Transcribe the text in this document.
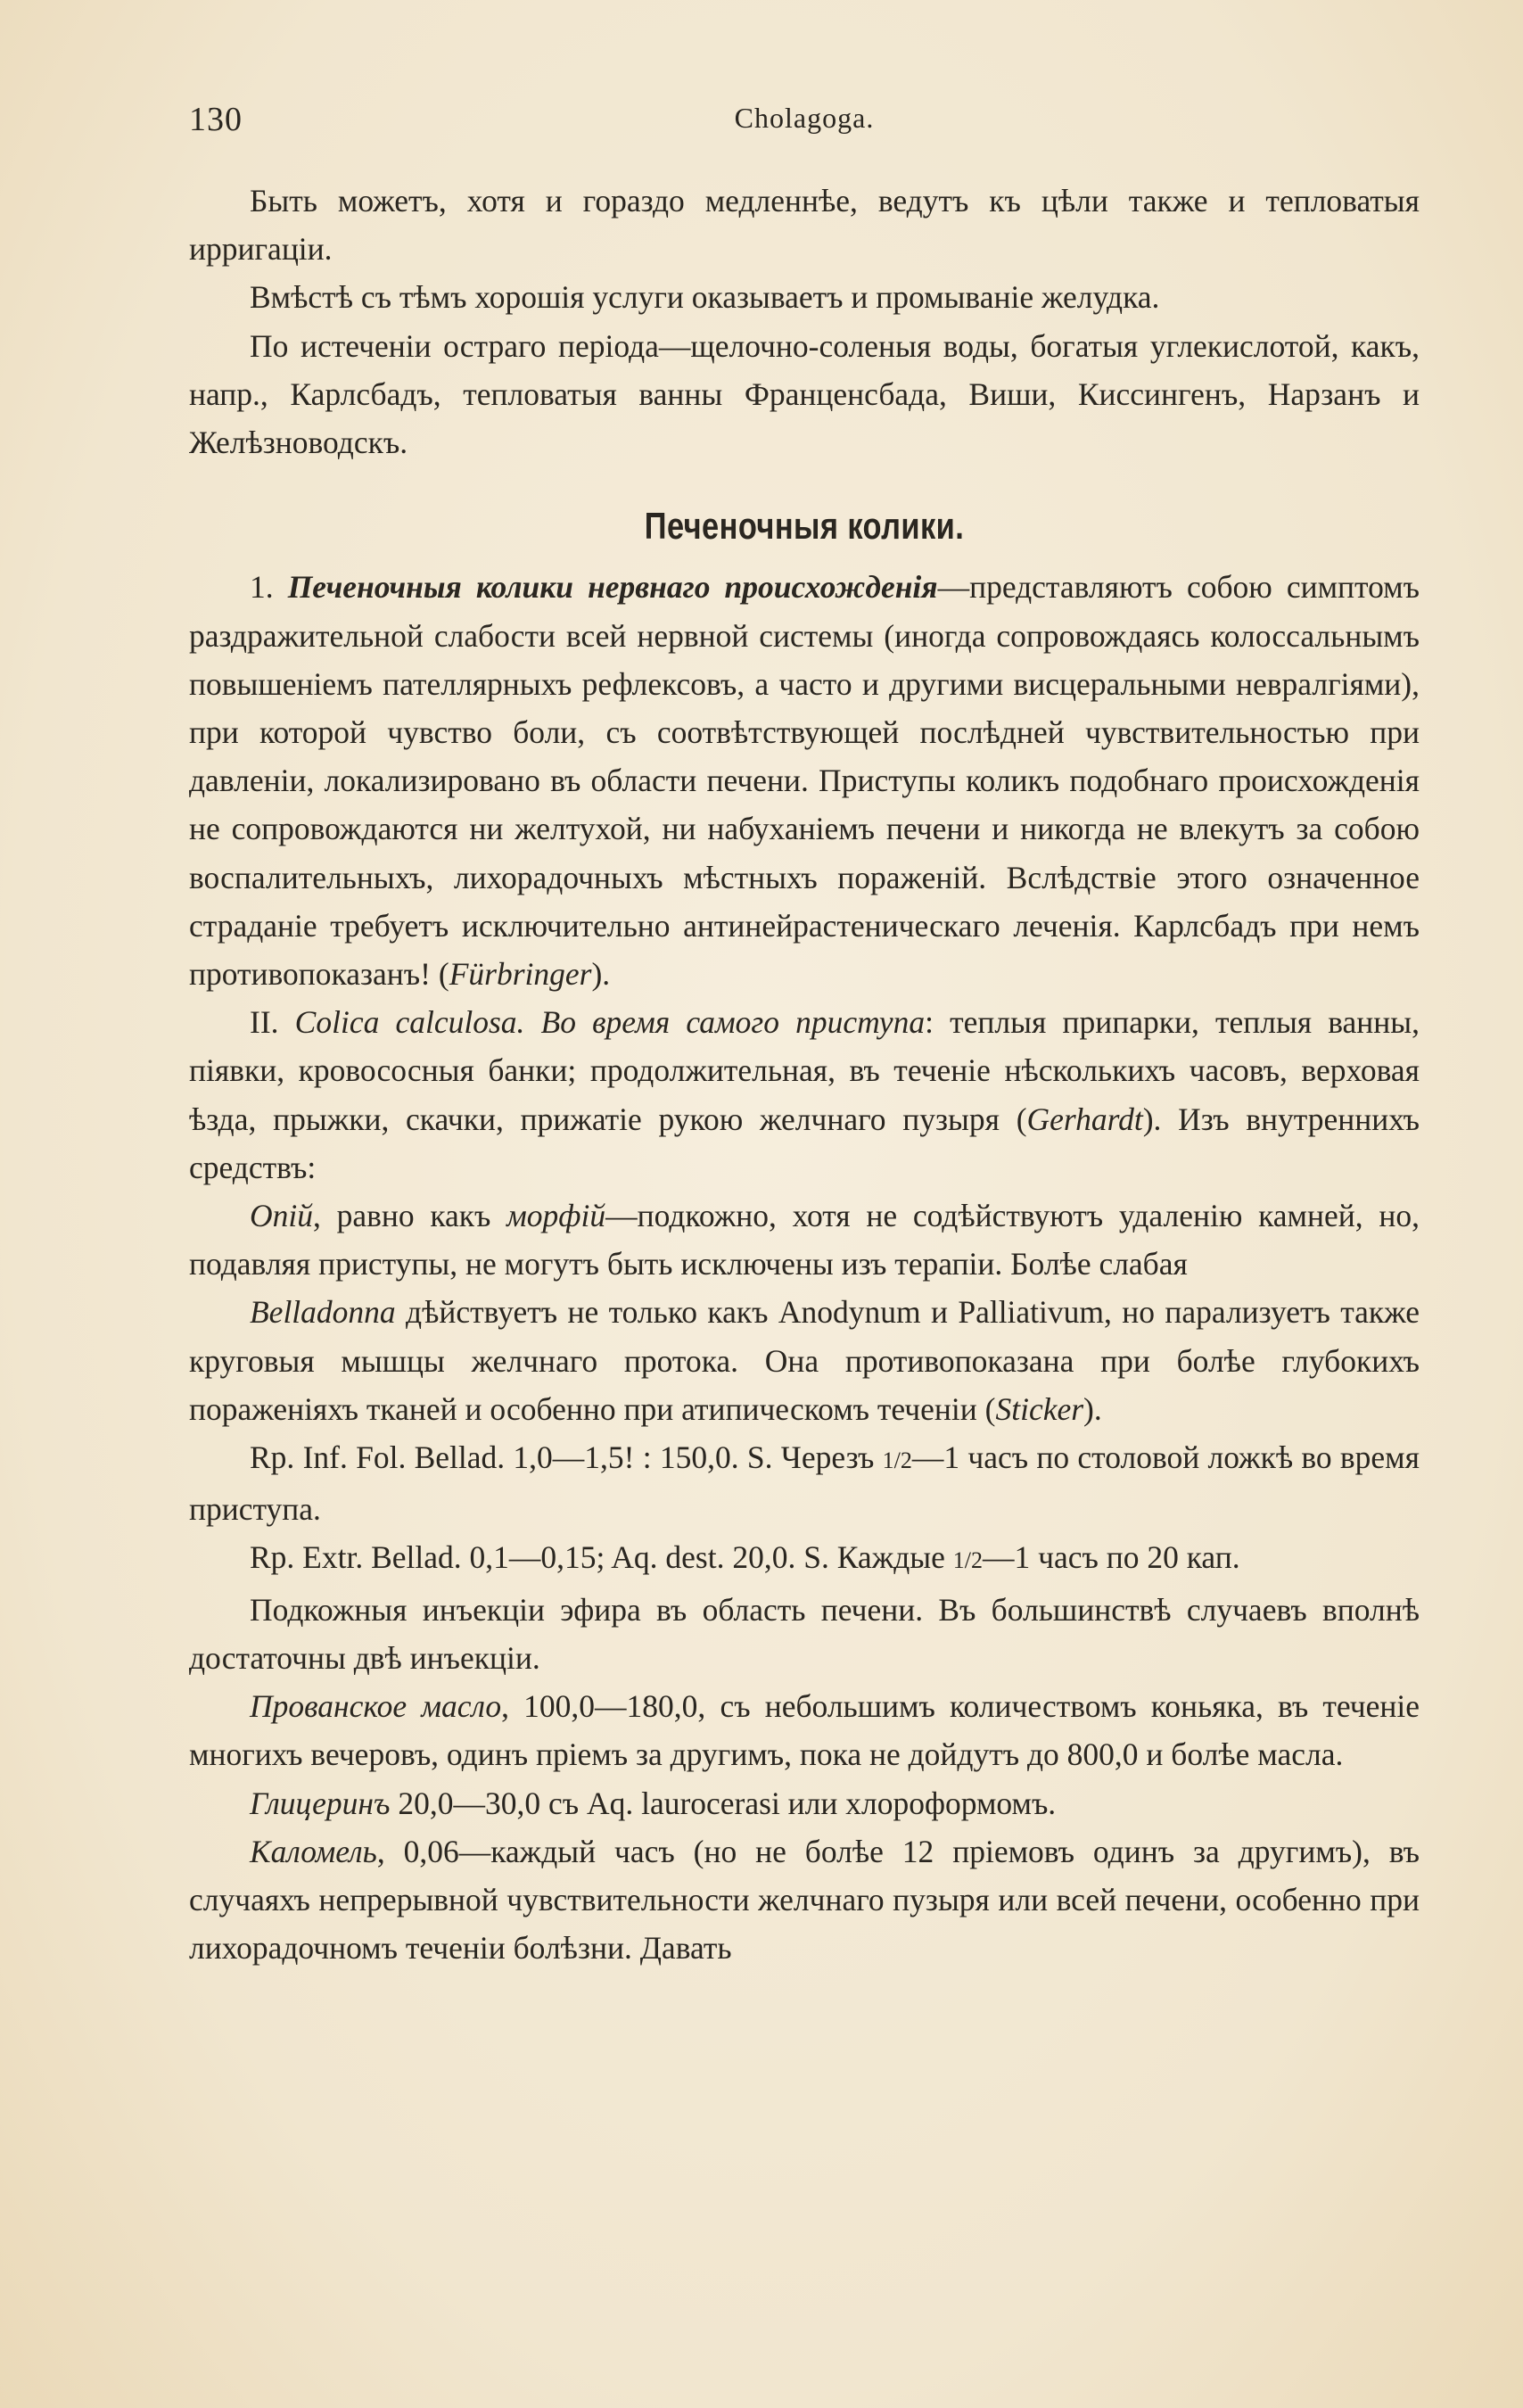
130	Cholagoga.

Быть можетъ, хотя и гораздо медленнѣе, ведутъ къ цѣли также и тепловатыя ирригаціи.

Вмѣстѣ съ тѣмъ хорошія услуги оказываетъ и промываніе желудка.

По истеченіи остраго періода—щелочно-соленыя воды, богатыя углекислотой, какъ, напр., Карлсбадъ, тепловатыя ванны Франценсбада, Виши, Киссингенъ, Нарзанъ и Желѣзноводскъ.

Печеночныя колики.

1. Печеночныя колики нервнаго происхожденія—представляютъ собою симптомъ раздражительной слабости всей нервной системы (иногда сопровождаясь колоссальнымъ повышеніемъ пателлярныхъ рефлексовъ, а часто и другими висцеральными невралгіями), при которой чувство боли, съ соотвѣтствующей послѣдней чувствительностью при давленіи, локализировано въ области печени. Приступы коликъ подобнаго происхожденія не сопровождаются ни желтухой, ни набуханіемъ печени и никогда не влекутъ за собою воспалительныхъ, лихорадочныхъ мѣстныхъ пораженій. Вслѣдствіе этого означенное страданіе требуетъ исключительно антинейрастеническаго леченія. Карлсбадъ при немъ противопоказанъ! (Fürbringer).

II. Colica calculosa. Во время самого приступа: теплыя припарки, теплыя ванны, піявки, кровососныя банки; продолжительная, въ теченіе нѣсколькихъ часовъ, верховая ѣзда, прыжки, скачки, прижатіе рукою желчнаго пузыря (Gerhardt). Изъ внутреннихъ средствъ:

Опій, равно какъ морфій—подкожно, хотя не содѣйствуютъ удаленію камней, но, подавляя приступы, не могутъ быть исключены изъ терапіи. Болѣе слабая

Belladonna дѣйствуетъ не только какъ Anodynum и Palliativum, но парализуетъ также круговыя мышцы желчнаго протока. Она противопоказана при болѣе глубокихъ пораженіяхъ тканей и особенно при атипическомъ теченіи (Sticker).

Rp. Inf. Fol. Bellad. 1,0—1,5! : 150,0. S. Черезъ 1/2—1 часъ по столовой ложкѣ во время приступа.

Rp. Extr. Bellad. 0,1—0,15; Aq. dest. 20,0. S. Каждые 1/2—1 часъ по 20 кап.

Подкожныя инъекціи эфира въ область печени. Въ большинствѣ случаевъ вполнѣ достаточны двѣ инъекціи.

Прованское масло, 100,0—180,0, съ небольшимъ количествомъ коньяка, въ теченіе многихъ вечеровъ, одинъ пріемъ за другимъ, пока не дойдутъ до 800,0 и болѣе масла.

Глицеринъ 20,0—30,0 съ Aq. laurocerasi или хлороформомъ.

Каломель, 0,06—каждый часъ (но не болѣе 12 пріемовъ одинъ за другимъ), въ случаяхъ непрерывной чувствительности желчнаго пузыря или всей печени, особенно при лихорадочномъ теченіи болѣзни. Давать
